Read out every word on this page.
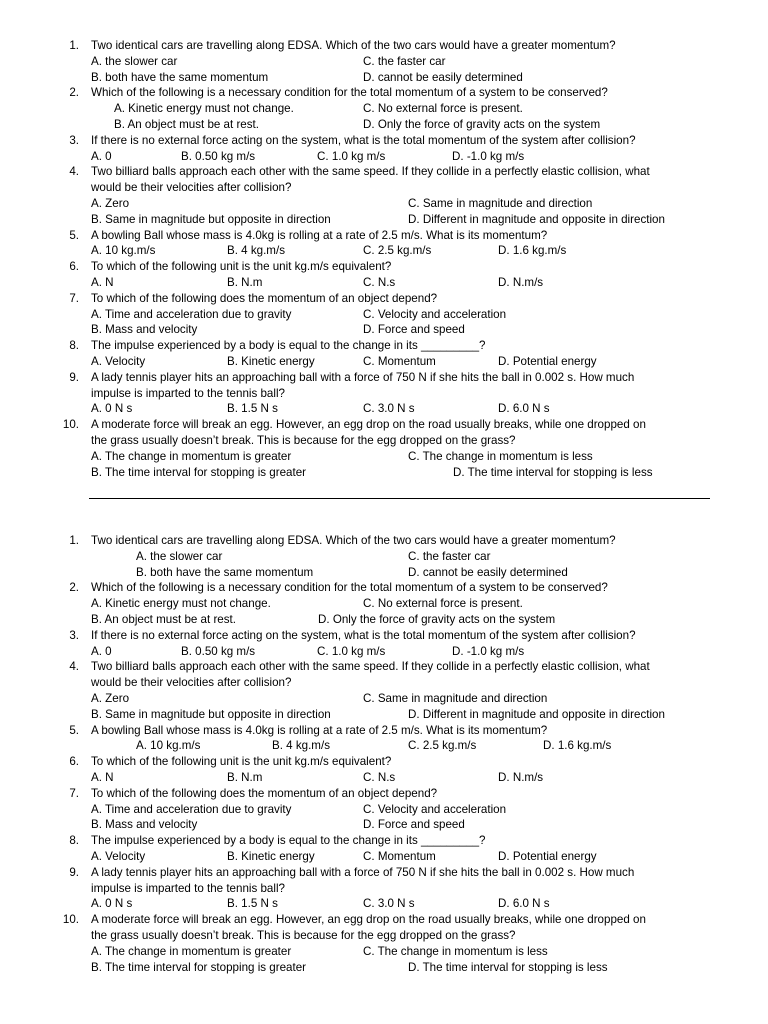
1. Two identical cars are travelling along EDSA. Which of the two cars would have a greater momentum?
A. the slower car	C. the faster car
B. both have the same momentum	D. cannot be easily determined
2. Which of the following is a necessary condition for the total momentum of a system to be conserved?
A. Kinetic energy must not change.	C. No external force is present.
B. An object must be at rest.	D. Only the force of gravity acts on the system
3. If there is no external force acting on the system, what is the total momentum of the system after collision?
A. 0	B. 0.50 kg m/s	C. 1.0 kg m/s	D. -1.0 kg m/s
4. Two billiard balls approach each other with the same speed. If they collide in a perfectly elastic collision, what
would be their velocities after collision?
A. Zero	C. Same in magnitude and direction
B. Same in magnitude but opposite in direction	D. Different in magnitude and opposite in direction
5. A bowling Ball whose mass is 4.0kg is rolling at a rate of 2.5 m/s. What is its momentum?
A. 10 kg.m/s	B. 4 kg.m/s	C. 2.5 kg.m/s	D. 1.6 kg.m/s
6. To which of the following unit is the unit kg.m/s equivalent?
A. N	B. N.m	C. N.s	D. N.m/s
7. To which of the following does the momentum of an object depend?
A. Time and acceleration due to gravity	C. Velocity and acceleration
B. Mass and velocity	D. Force and speed
8. The impulse experienced by a body is equal to the change in its _________?
A. Velocity	B. Kinetic energy	C. Momentum	D. Potential energy
9. A lady tennis player hits an approaching ball with a force of 750 N if she hits the ball in 0.002 s. How much
impulse is imparted to the tennis ball?
A. 0 N s	B. 1.5 N s	C. 3.0 N s	D. 6.0 N s
10. A moderate force will break an egg. However, an egg drop on the road usually breaks, while one dropped on
the grass usually doesn’t break. This is because for the egg dropped on the grass?
A. The change in momentum is greater	C. The change in momentum is less
B. The time interval for stopping is greater	D. The time interval for stopping is less
1. Two identical cars are travelling along EDSA. Which of the two cars would have a greater momentum?
A. the slower car	C. the faster car
B. both have the same momentum	D. cannot be easily determined
2. Which of the following is a necessary condition for the total momentum of a system to be conserved?
A. Kinetic energy must not change.	C. No external force is present.
B. An object must be at rest.	D. Only the force of gravity acts on the system
3. If there is no external force acting on the system, what is the total momentum of the system after collision?
A. 0	B. 0.50 kg m/s	C. 1.0 kg m/s	D. -1.0 kg m/s
4. Two billiard balls approach each other with the same speed. If they collide in a perfectly elastic collision, what
would be their velocities after collision?
A. Zero	C. Same in magnitude and direction
B. Same in magnitude but opposite in direction	D. Different in magnitude and opposite in direction
5. A bowling Ball whose mass is 4.0kg is rolling at a rate of 2.5 m/s. What is its momentum?
A. 10 kg.m/s	B. 4 kg.m/s	C. 2.5 kg.m/s	D. 1.6 kg.m/s
6. To which of the following unit is the unit kg.m/s equivalent?
A. N	B. N.m	C. N.s	D. N.m/s
7. To which of the following does the momentum of an object depend?
A. Time and acceleration due to gravity	C. Velocity and acceleration
B. Mass and velocity	D. Force and speed
8. The impulse experienced by a body is equal to the change in its _________?
A. Velocity	B. Kinetic energy	C. Momentum	D. Potential energy
9. A lady tennis player hits an approaching ball with a force of 750 N if she hits the ball in 0.002 s. How much
impulse is imparted to the tennis ball?
A. 0 N s	B. 1.5 N s	C. 3.0 N s	D. 6.0 N s
10. A moderate force will break an egg. However, an egg drop on the road usually breaks, while one dropped on
the grass usually doesn’t break. This is because for the egg dropped on the grass?
A. The change in momentum is greater	C. The change in momentum is less
B. The time interval for stopping is greater	D. The time interval for stopping is less
